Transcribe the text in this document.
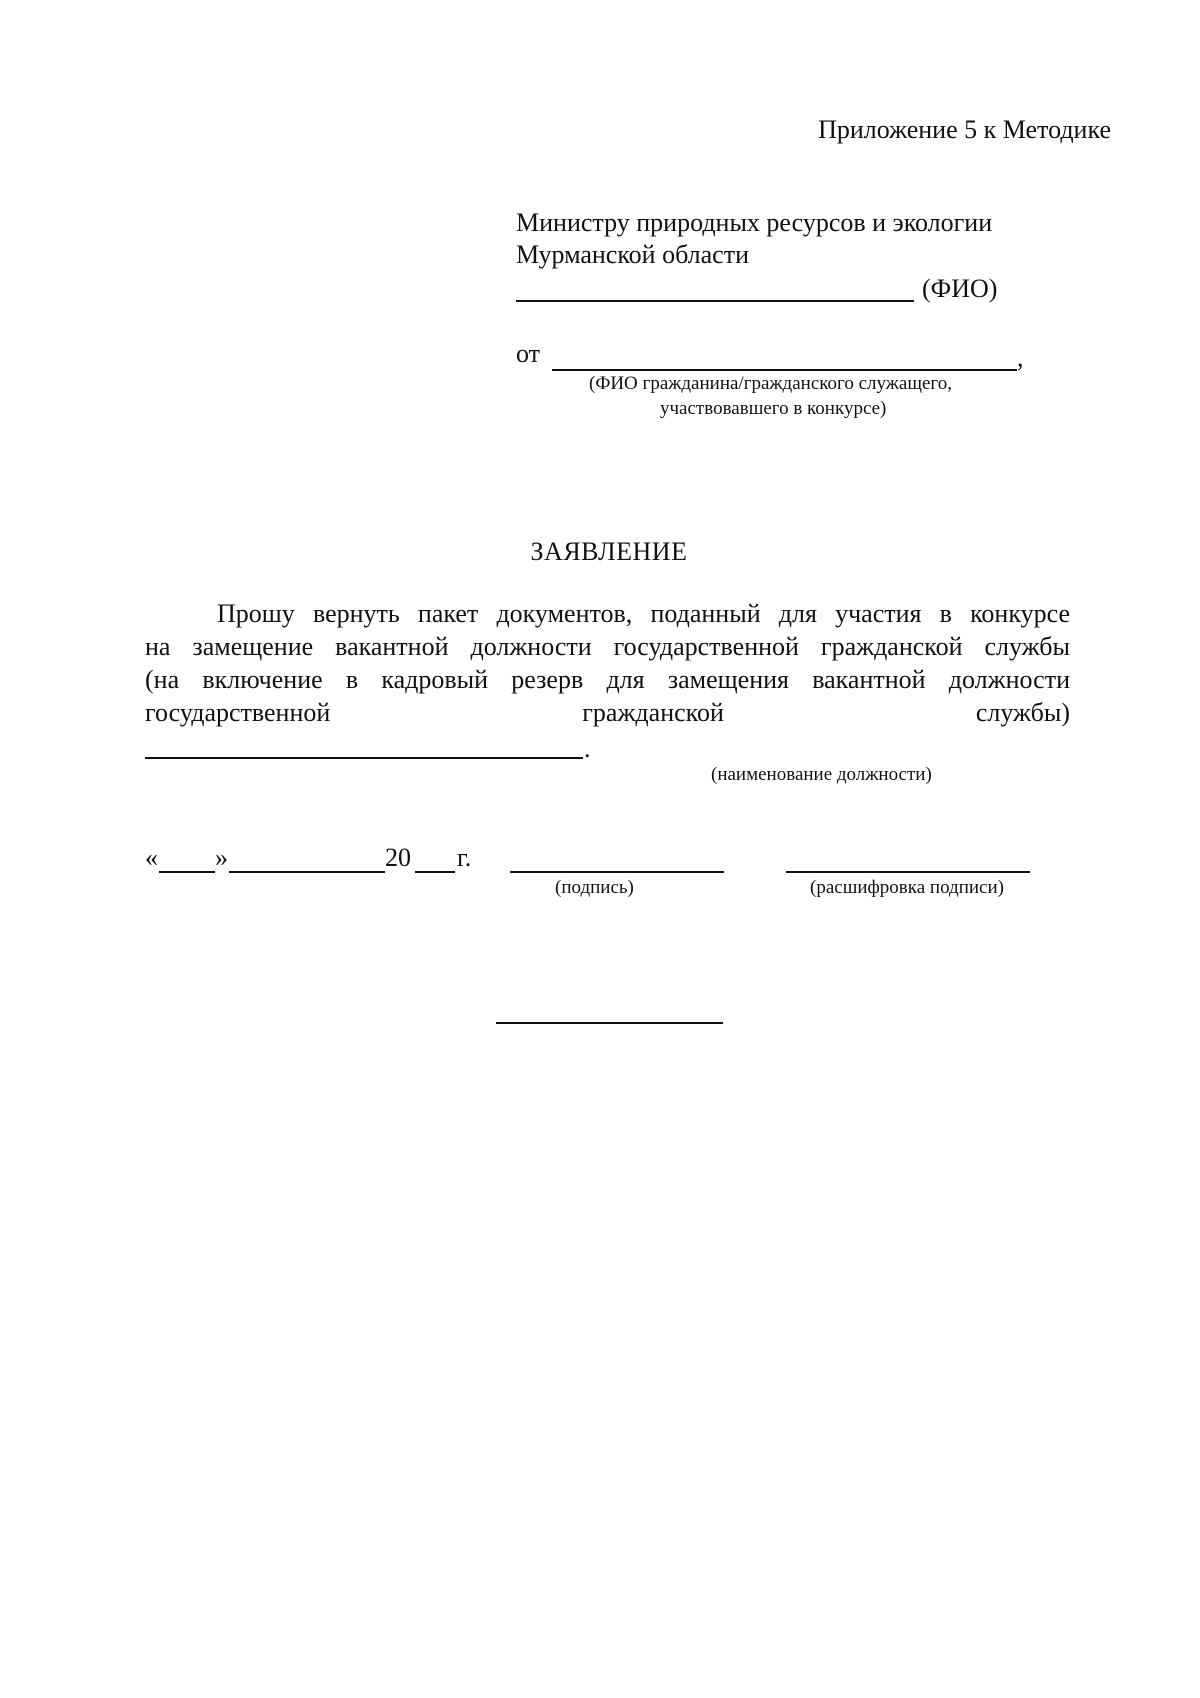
Приложение 5 к Методике
Министру природных ресурсов и экологии
Мурманской области
(ФИО)
от	,
(ФИО гражданина/гражданского служащего,
участвовавшего в конкурсе)
ЗАЯВЛЕНИЕ
Прошу вернуть пакет документов, поданный для участия в конкурсе
на замещение вакантной должности государственной гражданской службы
(на включение в кадровый резерв для замещения вакантной должности
государственной гражданской службы)
.
(наименование должности)
« »	20 г.
(подпись)	(расшифровка подписи)
